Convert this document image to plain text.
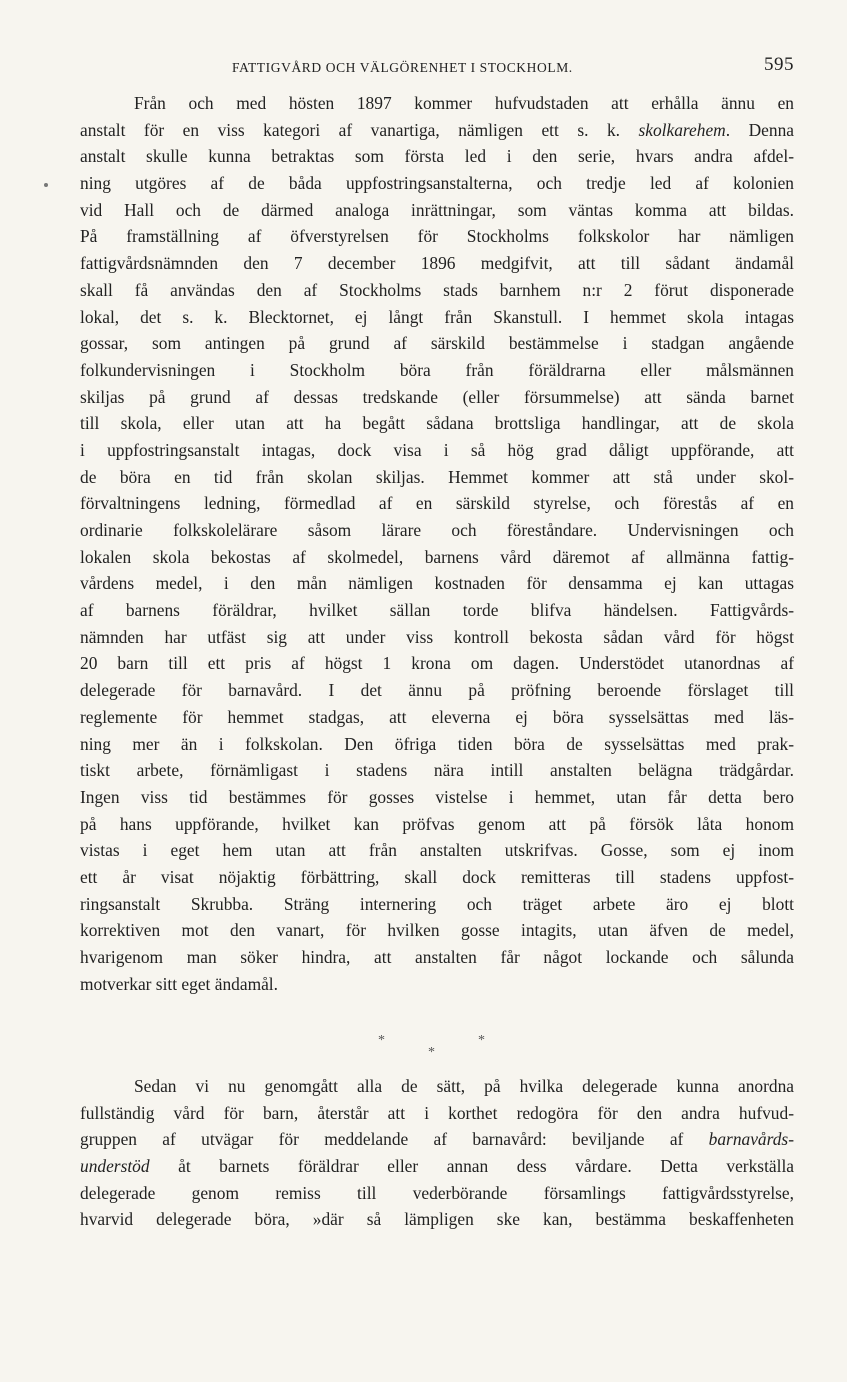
FATTIGVÅRD OCH VÄLGÖRENHET I STOCKHOLM.	595
Från och med hösten 1897 kommer hufvudstaden att erhålla ännu en
anstalt för en viss kategori af vanartiga, nämligen ett s. k. skolkarehem. Denna
anstalt skulle kunna betraktas som första led i den serie, hvars andra afdel-
ning utgöres af de båda uppfostringsanstalterna, och tredje led af kolonien
vid Hall och de därmed analoga inrättningar, som väntas komma att bildas.
På framställning af öfverstyrelsen för Stockholms folkskolor har nämligen
fattigvårdsnämnden den 7 december 1896 medgifvit, att till sådant ändamål
skall få användas den af Stockholms stads barnhem n:r 2 förut disponerade
lokal, det s. k. Blecktornet, ej långt från Skanstull. I hemmet skola intagas
gossar, som antingen på grund af särskild bestämmelse i stadgan angående
folkundervisningen i Stockholm böra från föräldrarna eller målsmännen
skiljas på grund af dessas tredskande (eller försummelse) att sända barnet
till skola, eller utan att ha begått sådana brottsliga handlingar, att de skola
i uppfostringsanstalt intagas, dock visa i så hög grad dåligt uppförande, att
de böra en tid från skolan skiljas. Hemmet kommer att stå under skol-
förvaltningens ledning, förmedlad af en särskild styrelse, och förestås af en
ordinarie folkskolelärare såsom lärare och föreståndare. Undervisningen och
lokalen skola bekostas af skolmedel, barnens vård däremot af allmänna fattig-
vårdens medel, i den mån nämligen kostnaden för densamma ej kan uttagas
af barnens föräldrar, hvilket sällan torde blifva händelsen. Fattigvårds-
nämnden har utfäst sig att under viss kontroll bekosta sådan vård för högst
20 barn till ett pris af högst 1 krona om dagen. Understödet utanordnas af
delegerade för barnavård. I det ännu på pröfning beroende förslaget till
reglemente för hemmet stadgas, att eleverna ej böra sysselsättas med läs-
ning mer än i folkskolan. Den öfriga tiden böra de sysselsättas med prak-
tiskt arbete, förnämligast i stadens nära intill anstalten belägna trädgårdar.
Ingen viss tid bestämmes för gosses vistelse i hemmet, utan får detta bero
på hans uppförande, hvilket kan pröfvas genom att på försök låta honom
vistas i eget hem utan att från anstalten utskrifvas. Gosse, som ej inom
ett år visat nöjaktig förbättring, skall dock remitteras till stadens uppfost-
ringsanstalt Skrubba. Sträng internering och träget arbete äro ej blott
korrektiven mot den vanart, för hvilken gosse intagits, utan äfven de medel,
hvarigenom man söker hindra, att anstalten får något lockande och sålunda
motverkar sitt eget ändamål.
*
*
*
Sedan vi nu genomgått alla de sätt, på hvilka delegerade kunna anordna
fullständig vård för barn, återstår att i korthet redogöra för den andra hufvud-
gruppen af utvägar för meddelande af barnavård: beviljande af barnavårds-
understöd åt barnets föräldrar eller annan dess vårdare. Detta verkställa
delegerade genom remiss till vederbörande församlings fattigvårdsstyrelse,
hvarvid delegerade böra, »där så lämpligen ske kan, bestämma beskaffenheten
